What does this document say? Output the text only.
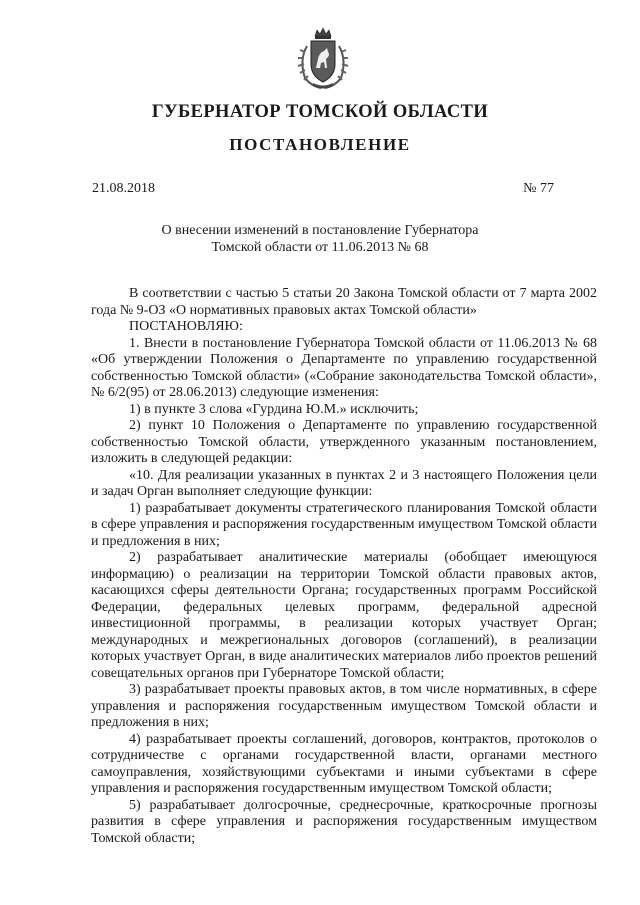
ГУБЕРНАТОР ТОМСКОЙ ОБЛАСТИ
ПОСТАНОВЛЕНИЕ
21.08.2018	№ 77
О внесении изменений в постановление Губернатора
Томской области от 11.06.2013 № 68

В соответствии с частью 5 статьи 20 Закона Томской области от 7 марта 2002 года № 9-ОЗ «О нормативных правовых актах Томской области»

ПОСТАНОВЛЯЮ:

1. Внести в постановление Губернатора Томской области от 11.06.2013 № 68 «Об утверждении Положения о Департаменте по управлению государственной собственностью Томской области» («Собрание законодательства Томской области», № 6/2(95) от 28.06.2013) следующие изменения:

1) в пункте 3 слова «Гурдина Ю.М.» исключить;

2) пункт 10 Положения о Департаменте по управлению государственной собственностью Томской области, утвержденного указанным постановлением, изложить в следующей редакции:

«10. Для реализации указанных в пунктах 2 и 3 настоящего Положения цели и задач Орган выполняет следующие функции:

1) разрабатывает документы стратегического планирования Томской области в сфере управления и распоряжения государственным имуществом Томской области и предложения в них;

2) разрабатывает аналитические материалы (обобщает имеющуюся информацию) о реализации на территории Томской области правовых актов, касающихся сферы деятельности Органа; государственных программ Российской Федерации, федеральных целевых программ, федеральной адресной инвестиционной программы, в реализации которых участвует Орган; международных и межрегиональных договоров (соглашений), в реализации которых участвует Орган, в виде аналитических материалов либо проектов решений совещательных органов при Губернаторе Томской области;

3) разрабатывает проекты правовых актов, в том числе нормативных, в сфере управления и распоряжения государственным имуществом Томской области и предложения в них;

4) разрабатывает проекты соглашений, договоров, контрактов, протоколов о сотрудничестве с органами государственной власти, органами местного самоуправления, хозяйствующими субъектами и иными субъектами в сфере управления и распоряжения государственным имуществом Томской области;

5) разрабатывает долгосрочные, среднесрочные, краткосрочные прогнозы развития в сфере управления и распоряжения государственным имуществом Томской области;
